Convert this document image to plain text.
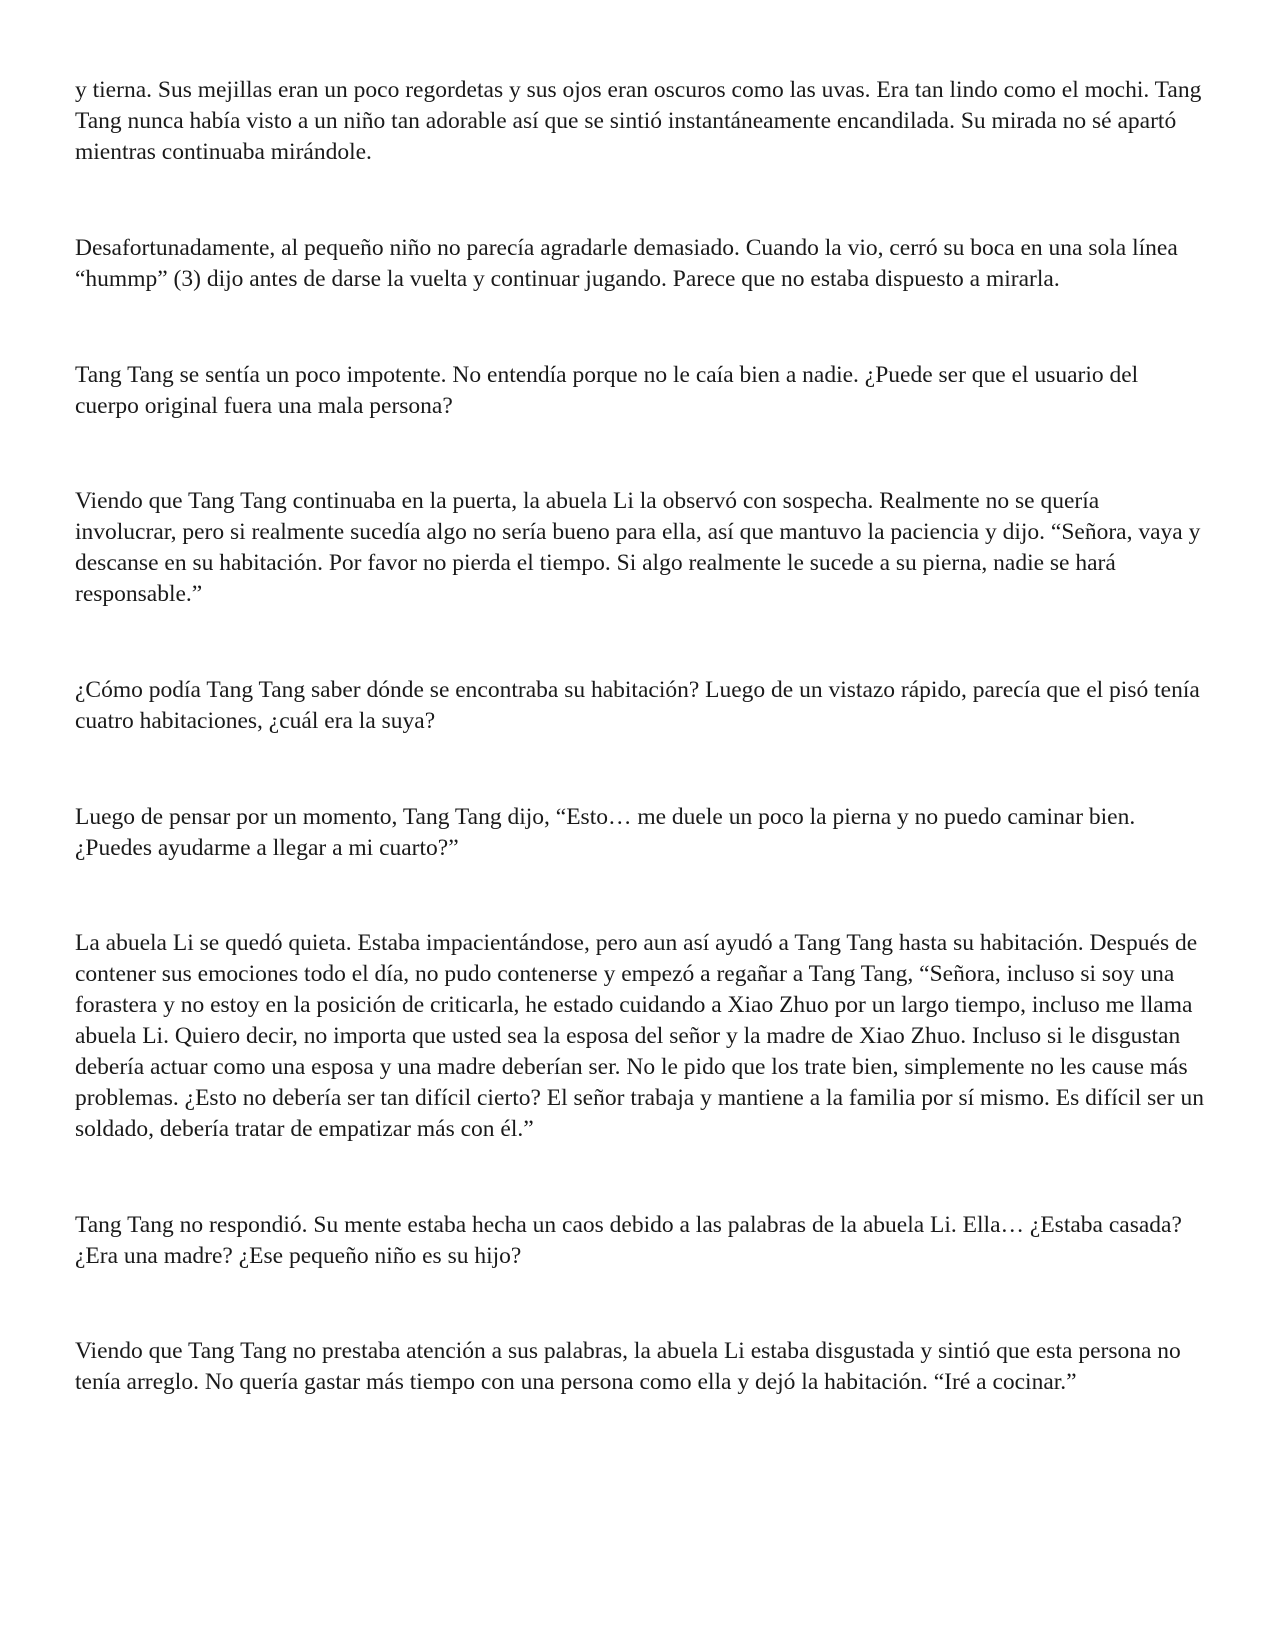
y tierna. Sus mejillas eran un poco regordetas y sus ojos eran oscuros como las uvas. Era tan lindo como el mochi. Tang Tang nunca había visto a un niño tan adorable así que se sintió instantáneamente encandilada. Su mirada no sé apartó mientras continuaba mirándole.

Desafortunadamente, al pequeño niño no parecía agradarle demasiado. Cuando la vio, cerró su boca en una sola línea “hummp” (3) dijo antes de darse la vuelta y continuar jugando. Parece que no estaba dispuesto a mirarla.

Tang Tang se sentía un poco impotente. No entendía porque no le caía bien a nadie. ¿Puede ser que el usuario del cuerpo original fuera una mala persona?

Viendo que Tang Tang continuaba en la puerta, la abuela Li la observó con sospecha. Realmente no se quería involucrar, pero si realmente sucedía algo no sería bueno para ella, así que mantuvo la paciencia y dijo. “Señora, vaya y descanse en su habitación. Por favor no pierda el tiempo. Si algo realmente le sucede a su pierna, nadie se hará responsable.”

¿Cómo podía Tang Tang saber dónde se encontraba su habitación? Luego de un vistazo rápido, parecía que el pisó tenía cuatro habitaciones, ¿cuál era la suya?

Luego de pensar por un momento, Tang Tang dijo, “Esto… me duele un poco la pierna y no puedo caminar bien. ¿Puedes ayudarme a llegar a mi cuarto?”

La abuela Li se quedó quieta. Estaba impacientándose, pero aun así ayudó a Tang Tang hasta su habitación. Después de contener sus emociones todo el día, no pudo contenerse y empezó a regañar a Tang Tang, “Señora, incluso si soy una forastera y no estoy en la posición de criticarla, he estado cuidando a Xiao Zhuo por un largo tiempo, incluso me llama abuela Li. Quiero decir, no importa que usted sea la esposa del señor y la madre de Xiao Zhuo. Incluso si le disgustan debería actuar como una esposa y una madre deberían ser. No le pido que los trate bien, simplemente no les cause más problemas. ¿Esto no debería ser tan difícil cierto? El señor trabaja y mantiene a la familia por sí mismo. Es difícil ser un soldado, debería tratar de empatizar más con él.”

Tang Tang no respondió. Su mente estaba hecha un caos debido a las palabras de la abuela Li. Ella… ¿Estaba casada? ¿Era una madre? ¿Ese pequeño niño es su hijo?

Viendo que Tang Tang no prestaba atención a sus palabras, la abuela Li estaba disgustada y sintió que esta persona no tenía arreglo. No quería gastar más tiempo con una persona como ella y dejó la habitación. “Iré a cocinar.”
